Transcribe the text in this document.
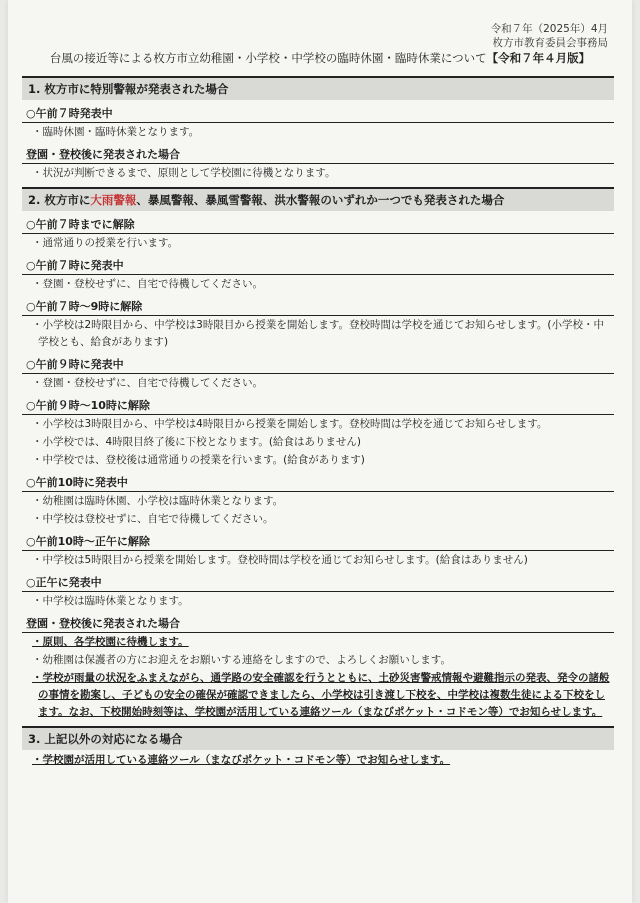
令和７年（2025年）4月
枚方市教育委員会事務局
台風の接近等による枚方市立幼稚園・小学校・中学校の臨時休園・臨時休業について【令和７年４月版】
1. 枚方市に特別警報が発表された場合
○午前７時発表中
・臨時休園・臨時休業となります。
登園・登校後に発表された場合
・状況が判断できるまで、原則として学校園に待機となります。
2. 枚方市に大雨警報、暴風警報、暴風雪警報、洪水警報のいずれか一つでも発表された場合
○午前７時までに解除
・通常通りの授業を行います。
○午前７時に発表中
・登園・登校せずに、自宅で待機してください。
○午前７時～9時に解除
・小学校は2時限目から、中学校は3時限目から授業を開始します。登校時間は学校を通じてお知らせします。(小学校・中学校とも、給食があります)
○午前９時に発表中
・登園・登校せずに、自宅で待機してください。
○午前９時～10時に解除
・小学校は3時限目から、中学校は4時限目から授業を開始します。登校時間は学校を通じてお知らせします。
・小学校では、4時限目終了後に下校となります。(給食はありません)
・中学校では、登校後は通常通りの授業を行います。(給食があります)
○午前10時に発表中
・幼稚園は臨時休園、小学校は臨時休業となります。
・中学校は登校せずに、自宅で待機してください。
○午前10時～正午に解除
・中学校は5時限目から授業を開始します。登校時間は学校を通じてお知らせします。(給食はありません)
○正午に発表中
・中学校は臨時休業となります。
登園・登校後に発表された場合
・原則、各学校園に待機します。
・幼稚園は保護者の方にお迎えをお願いする連絡をしますので、よろしくお願いします。
・学校が雨量の状況をふまえながら、通学路の安全確認を行うとともに、土砂災害警戒情報や避難指示の発表、発令の諸般の事情を勘案し、子どもの安全の確保が確認できましたら、小学校は引き渡し下校を、中学校は複数生徒による下校をします。なお、下校開始時刻等は、学校園が活用している連絡ツール（まなびポケット・コドモン等）でお知らせします。
3. 上記以外の対応になる場合
・学校園が活用している連絡ツール（まなびポケット・コドモン等）でお知らせします。
